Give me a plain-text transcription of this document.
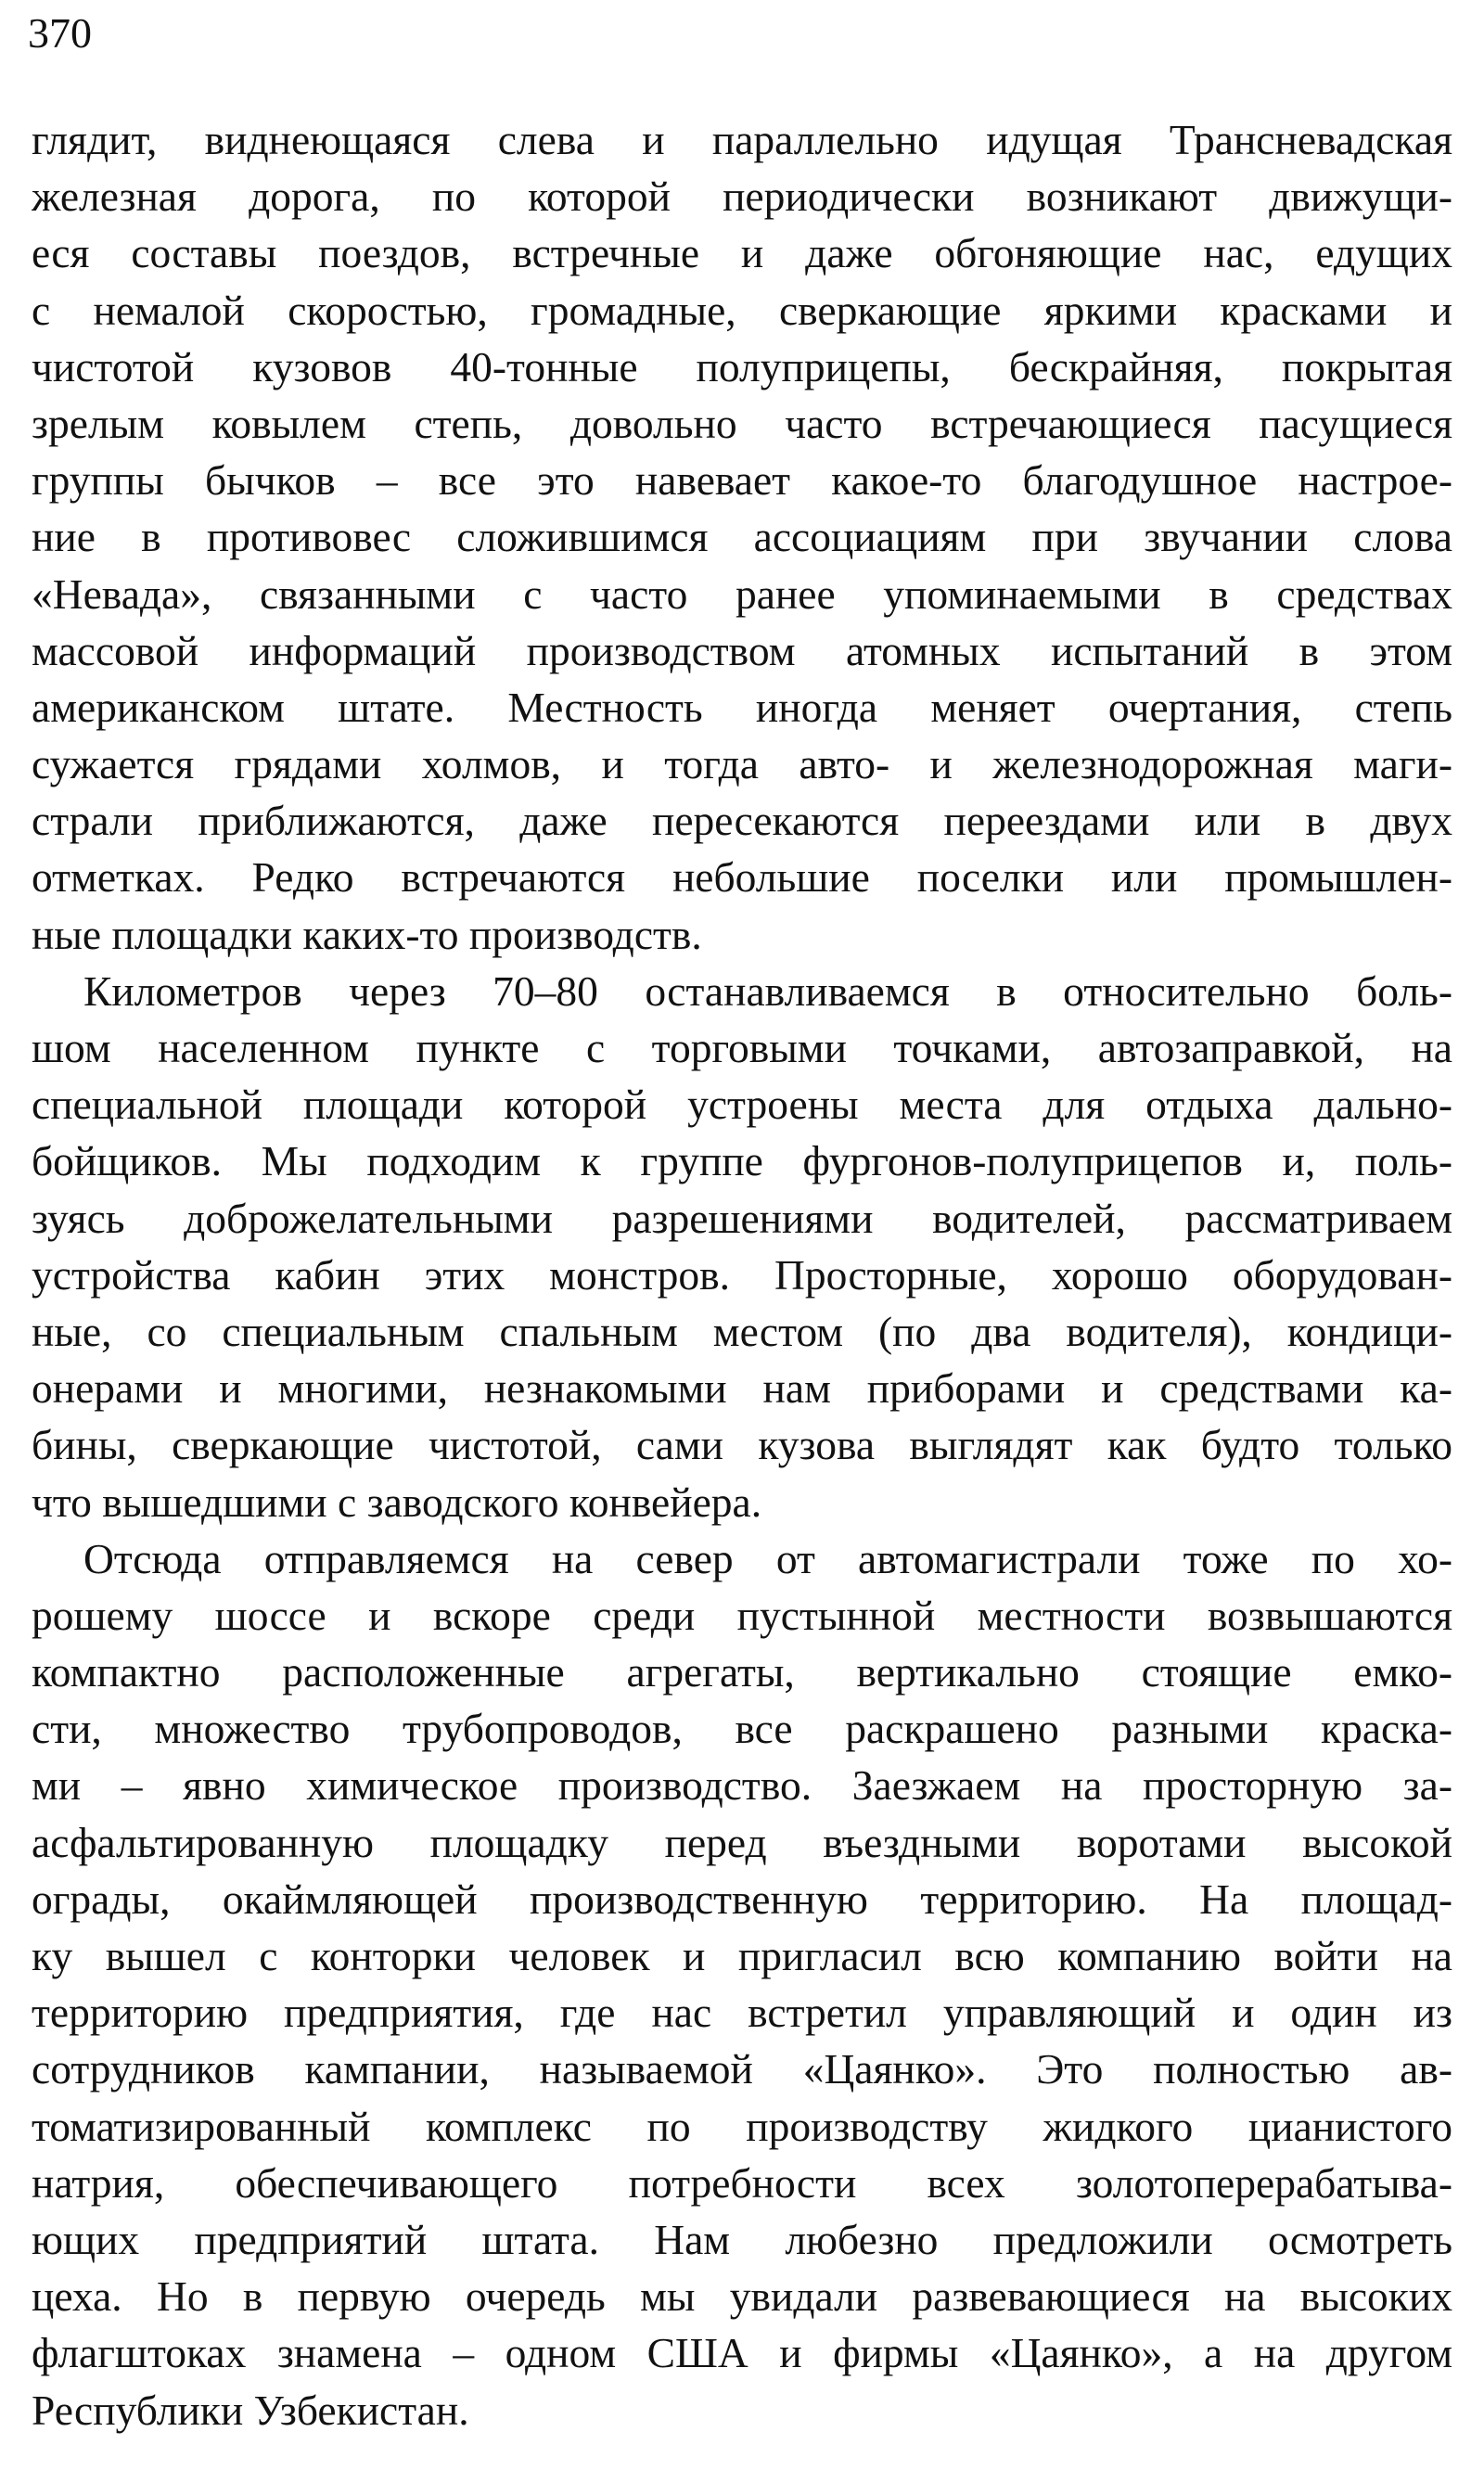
370
глядит, виднеющаяся слева и параллельно идущая Трансневадская
железная дорога, по которой периодически возникают движущи-
еся составы поездов, встречные и даже обгоняющие нас, едущих
с немалой скоростью, громадные, сверкающие яркими красками и
чистотой кузовов 40-тонные полуприцепы, бескрайняя, покрытая
зрелым ковылем степь, довольно часто встречающиеся пасущиеся
группы бычков – все это навевает какое-то благодушное настрое-
ние в противовес сложившимся ассоциациям при звучании слова
«Невада», связанными с часто ранее упоминаемыми в средствах
массовой информаций производством атомных испытаний в этом
американском штате. Местность иногда меняет очертания, степь
сужается грядами холмов, и тогда авто- и железнодорожная маги-
страли приближаются, даже пересекаются переездами или в двух
отметках. Редко встречаются небольшие поселки или промышлен-
ные площадки каких-то производств.
Километров через 70–80 останавливаемся в относительно боль-
шом населенном пункте с торговыми точками, автозаправкой, на
специальной площади которой устроены места для отдыха дально-
бойщиков. Мы подходим к группе фургонов-полуприцепов и, поль-
зуясь доброжелательными разрешениями водителей, рассматриваем
устройства кабин этих монстров. Просторные, хорошо оборудован-
ные, со специальным спальным местом (по два водителя), кондици-
онерами и многими, незнакомыми нам приборами и средствами ка-
бины, сверкающие чистотой, сами кузова выглядят как будто только
что вышедшими с заводского конвейера.
Отсюда отправляемся на север от автомагистрали тоже по хо-
рошему шоссе и вскоре среди пустынной местности возвышаются
компактно расположенные агрегаты, вертикально стоящие емко-
сти, множество трубопроводов, все раскрашено разными краска-
ми – явно химическое производство. Заезжаем на просторную за-
асфальтированную площадку перед въездными воротами высокой
ограды, окаймляющей производственную территорию. На площад-
ку вышел с конторки человек и пригласил всю компанию войти на
территорию предприятия, где нас встретил управляющий и один из
сотрудников кампании, называемой «Цаянко». Это полностью ав-
томатизированный комплекс по производству жидкого цианистого
натрия, обеспечивающего потребности всех золотоперерабатыва-
ющих предприятий штата. Нам любезно предложили осмотреть
цеха. Но в первую очередь мы увидали развевающиеся на высоких
флагштоках знамена – одном США и фирмы «Цаянко», а на другом
Республики Узбекистан.
